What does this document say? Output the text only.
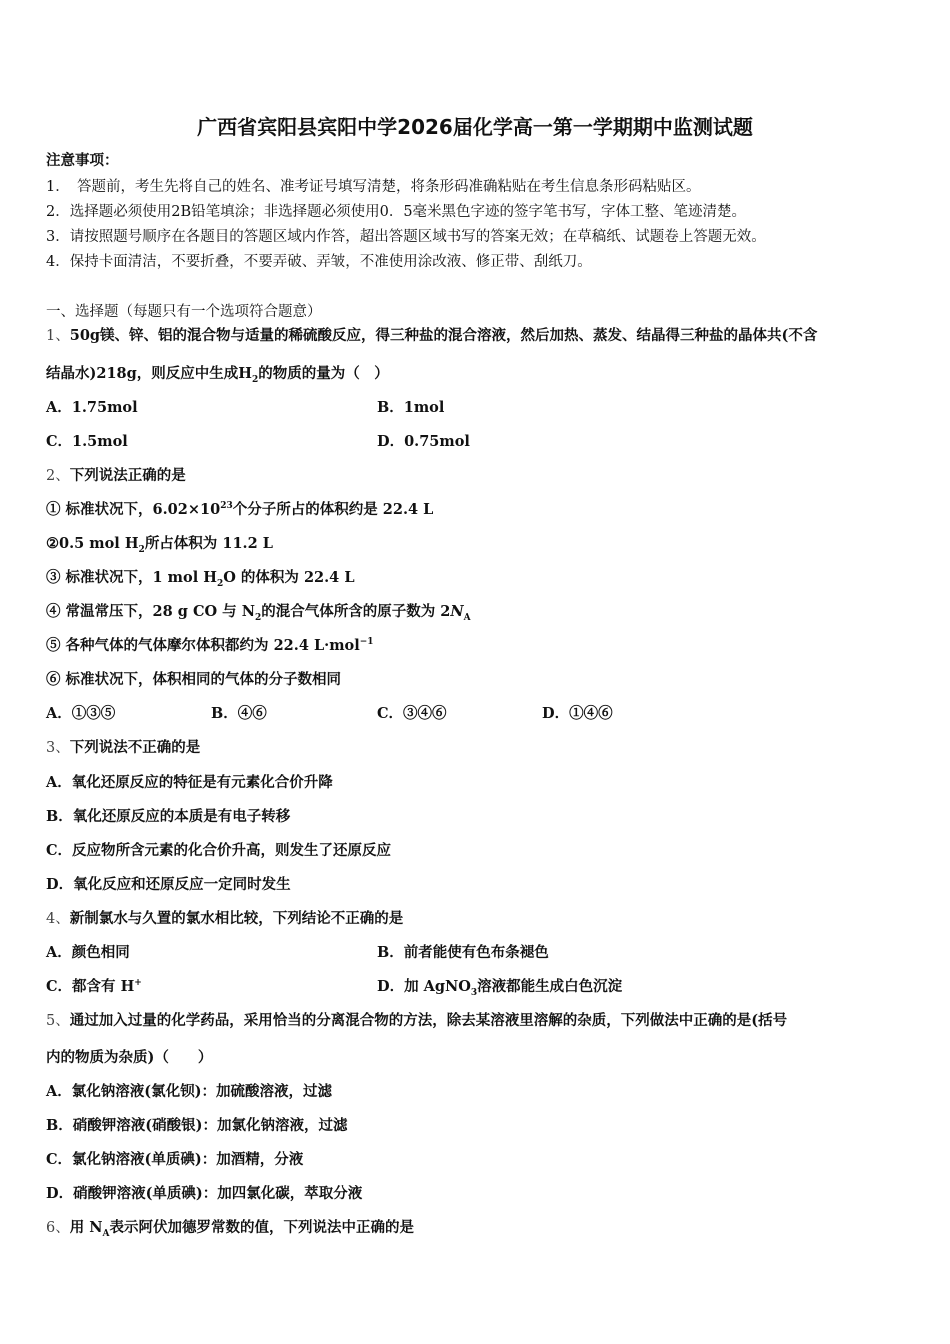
广西省宾阳县宾阳中学2026届化学高一第一学期期中监测试题
注意事项：
1．　答题前，考生先将自己的姓名、准考证号填写清楚，将条形码准确粘贴在考生信息条形码粘贴区。
2．选择题必须使用2B铅笔填涂；非选择题必须使用0．5毫米黑色字迹的签字笔书写，字体工整、笔迹清楚。
3．请按照题号顺序在各题目的答题区域内作答，超出答题区域书写的答案无效；在草稿纸、试题卷上答题无效。
4．保持卡面清洁，不要折叠，不要弄破、弄皱，不准使用涂改液、修正带、刮纸刀。
一、选择题（每题只有一个选项符合题意）
1、50g镁、锌、铝的混合物与适量的稀硫酸反应，得三种盐的混合溶液，然后加热、蒸发、结晶得三种盐的晶体共(不含
结晶水)218g，则反应中生成$H_2$的物质的量为（　）
A．1.75mol	B．1mol
C．1.5mol	D．0.75mol
2、下列说法正确的是
① 标准状况下，$6.02\times 10^{23}$个分子所占的体积约是 22.4 L
②0.5 mol $H_2$所占体积为 11.2 L
③ 标准状况下，1 mol $H_2O$ 的体积为 22.4 L
④ 常温常压下，28 g CO 与 $N_2$的混合气体所含的原子数为 $2N_A$
⑤ 各种气体的气体摩尔体积都约为 22.4 L·mol$^{-1}$
⑥ 标准状况下，体积相同的气体的分子数相同
A．①③⑤	B．④⑥	C．③④⑥	D．①④⑥
3、下列说法不正确的是
A．氧化还原反应的特征是有元素化合价升降
B．氧化还原反应的本质是有电子转移
C．反应物所含元素的化合价升高，则发生了还原反应
D．氧化反应和还原反应一定同时发生
4、新制氯水与久置的氯水相比较，下列结论不正确的是
A．颜色相同	B．前者能使有色布条褪色
C．都含有 H+	D．加 AgNO$_3$溶液都能生成白色沉淀
5、通过加入过量的化学药品，采用恰当的分离混合物的方法，除去某溶液里溶解的杂质，下列做法中正确的是(括号
内的物质为杂质)（　　）
A．氯化钠溶液(氯化钡)：加硫酸溶液，过滤
B．硝酸钾溶液(硝酸银)：加氯化钠溶液，过滤
C．氯化钠溶液(单质碘)：加酒精，分液
D．硝酸钾溶液(单质碘)：加四氯化碳，萃取分液
6、用 $N_A$表示阿伏加德罗常数的值，下列说法中正确的是
